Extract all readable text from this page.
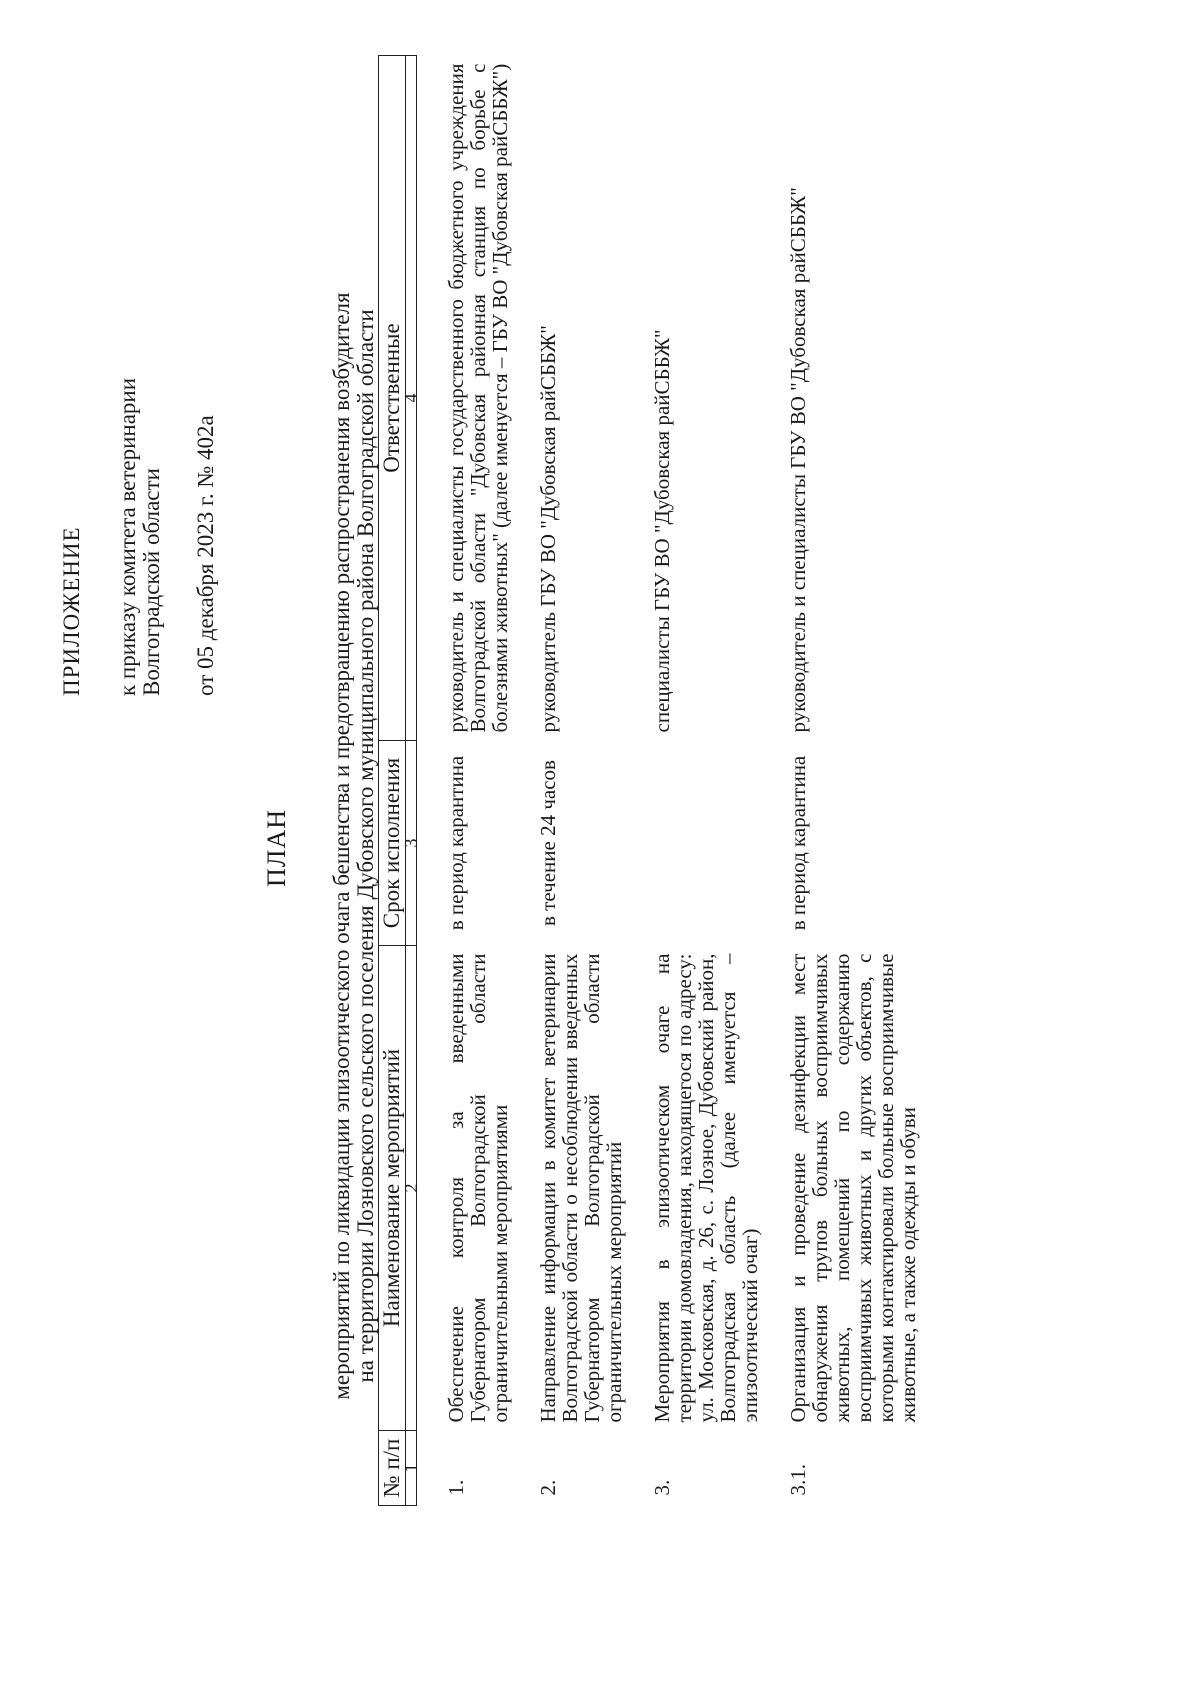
ПРИЛОЖЕНИЕ к приказу комитета ветеринарии Волгоградской области от 05 декабря 2023 г. № 402а
ПЛАН мероприятий по ликвидации эпизоотического очага бешенства и предотвращению распространения возбудителя на территории Лозновского сельского поселения Дубовского муниципального района Волгоградской области
№ п/п	Наименование мероприятий	Срок исполнения	Ответственные
1	2	3	4

1.	Обеспечение контроля за введенными Губернатором Волгоградской области ограничительными мероприятиями	в период карантина	руководитель и специалисты государственного бюджетного учреждения Волгоградской области "Дубовская районная станция по борьбе с болезнями животных" (далее именуется – ГБУ ВО "Дубовская райСББЖ")
2.	Направление информации в комитет ветеринарии Волгоградской области о несоблюдении введенных Губернатором Волгоградской области ограничительных мероприятий	в течение 24 часов	руководитель ГБУ ВО "Дубовская райСББЖ"
3.	Мероприятия в эпизоотическом очаге на территории домовладения, находящегося по адресу: ул. Московская, д. 26, с. Лозное, Дубовский район, Волгоградская область (далее именуется – эпизоотический очаг)		специалисты ГБУ ВО "Дубовская райСББЖ"
3.1.	Организация и проведение дезинфекции мест обнаружения трупов больных восприимчивых животных, помещений по содержанию восприимчивых животных и других объектов, с которыми контактировали больные восприимчивые животные, а также одежды и обуви	в период карантина	руководитель и специалисты ГБУ ВО "Дубовская райСББЖ"
